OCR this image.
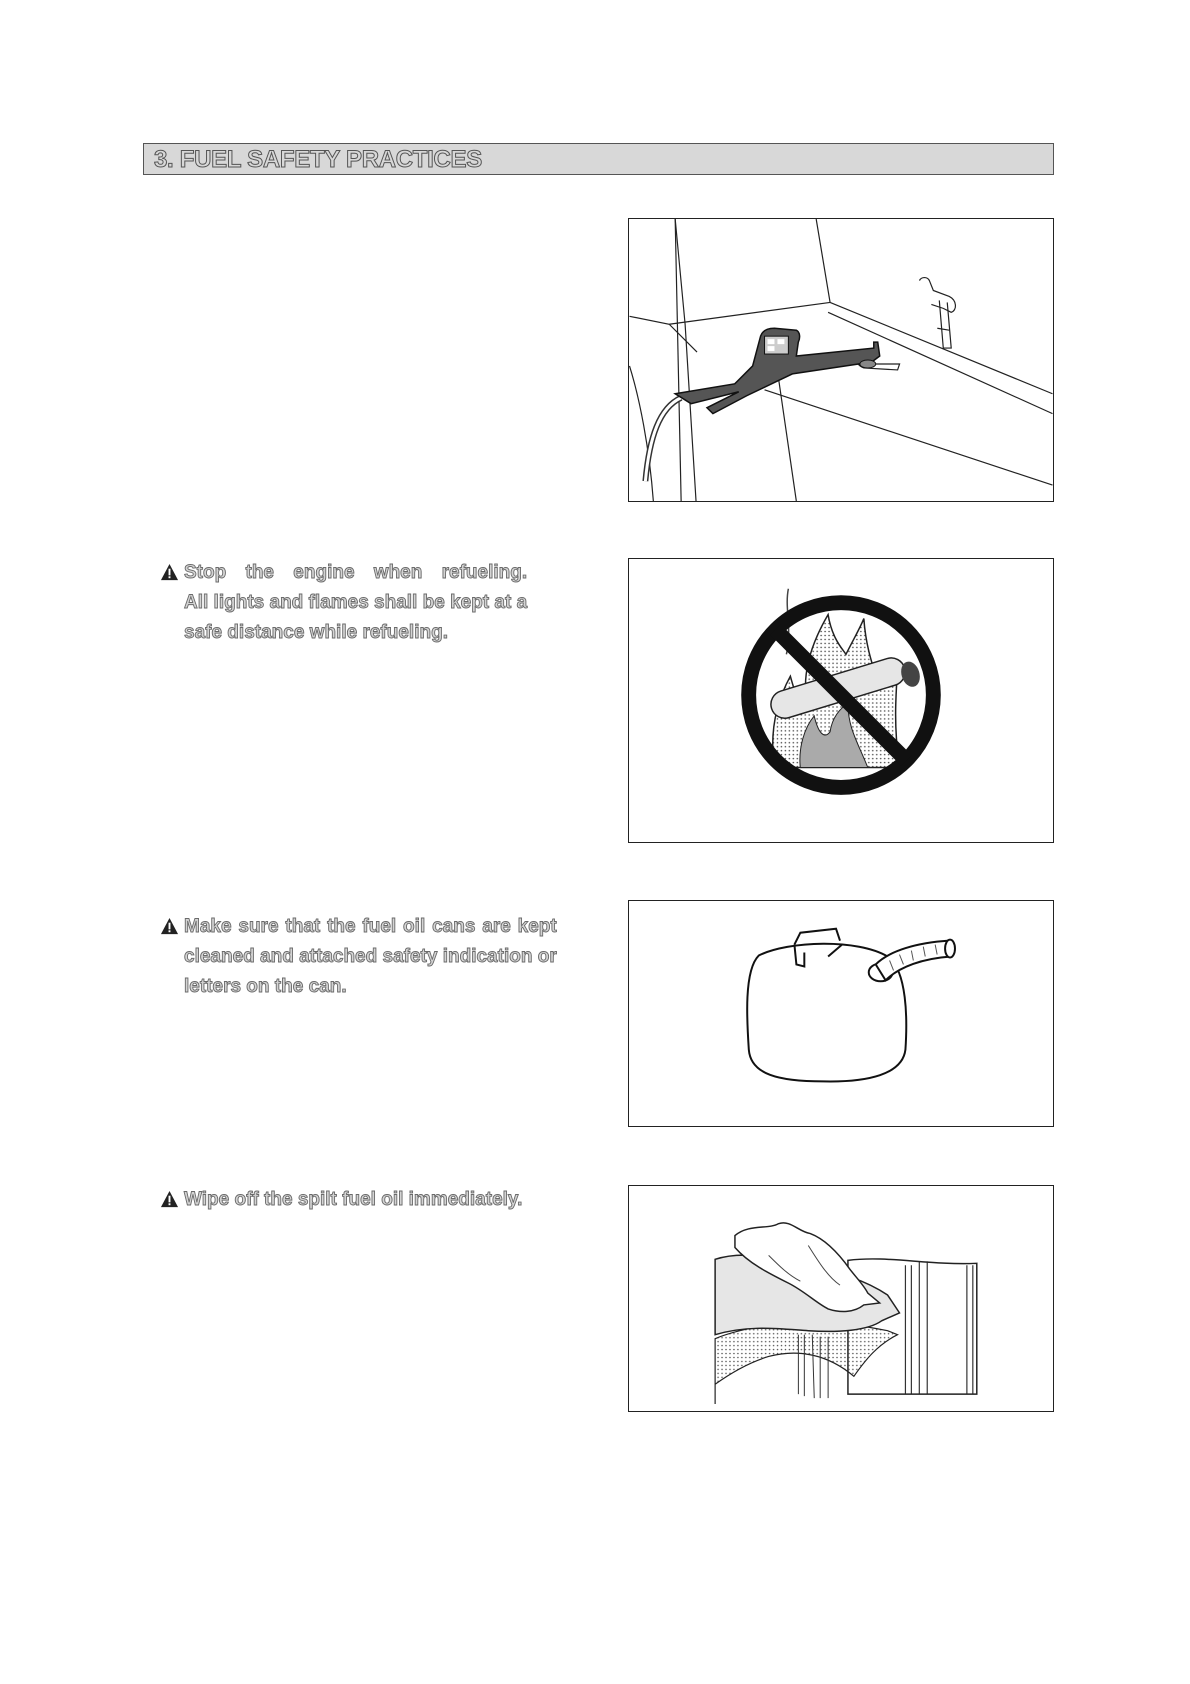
3. FUEL SAFETY PRACTICES
Stop the engine when refueling.
All lights and flames shall be kept at a
safe distance while refueling.
Make sure that the fuel oil cans are kept
cleaned and attached safety indication or
letters on the can.
Wipe off the spilt fuel oil immediately.
